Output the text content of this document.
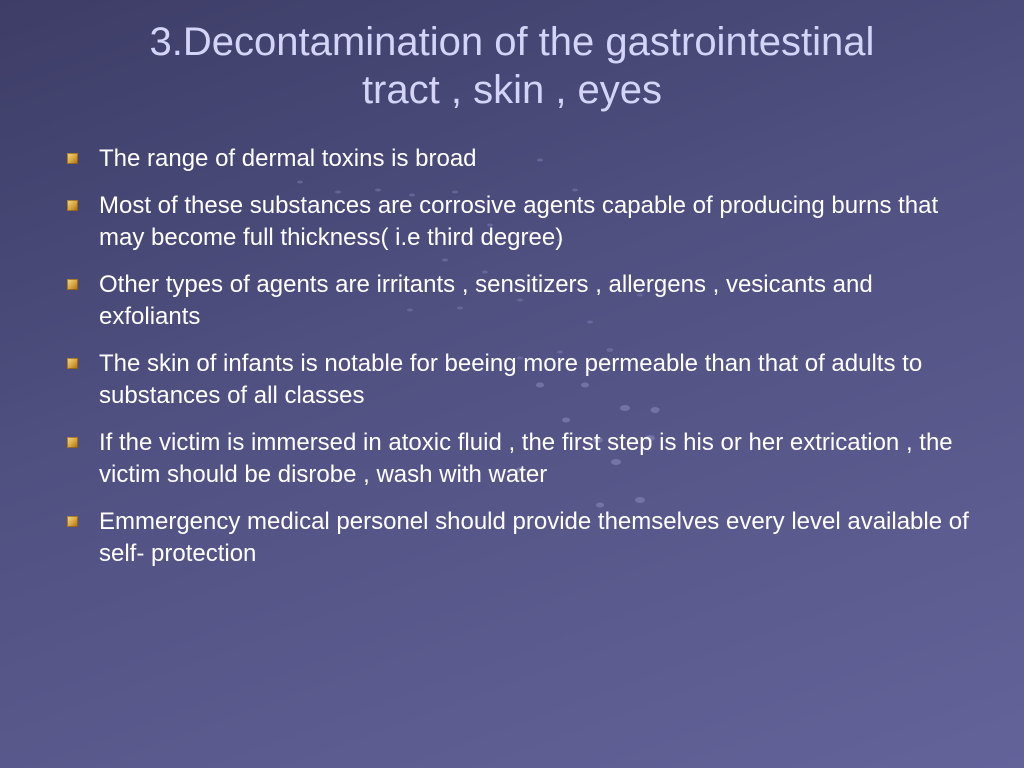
3.Decontamination of the gastrointestinal
tract , skin , eyes
The range of dermal toxins is broad
Most of these substances are corrosive agents capable of producing burns that may become full thickness( i.e third degree)
Other types of agents are irritants , sensitizers , allergens , vesicants and exfoliants
The skin of infants is notable for beeing more permeable than that of adults to substances of all classes
If the victim is immersed in atoxic fluid , the first step is his or her extrication , the victim should be disrobe , wash with water
Emmergency medical personel should provide themselves every level available of self- protection
